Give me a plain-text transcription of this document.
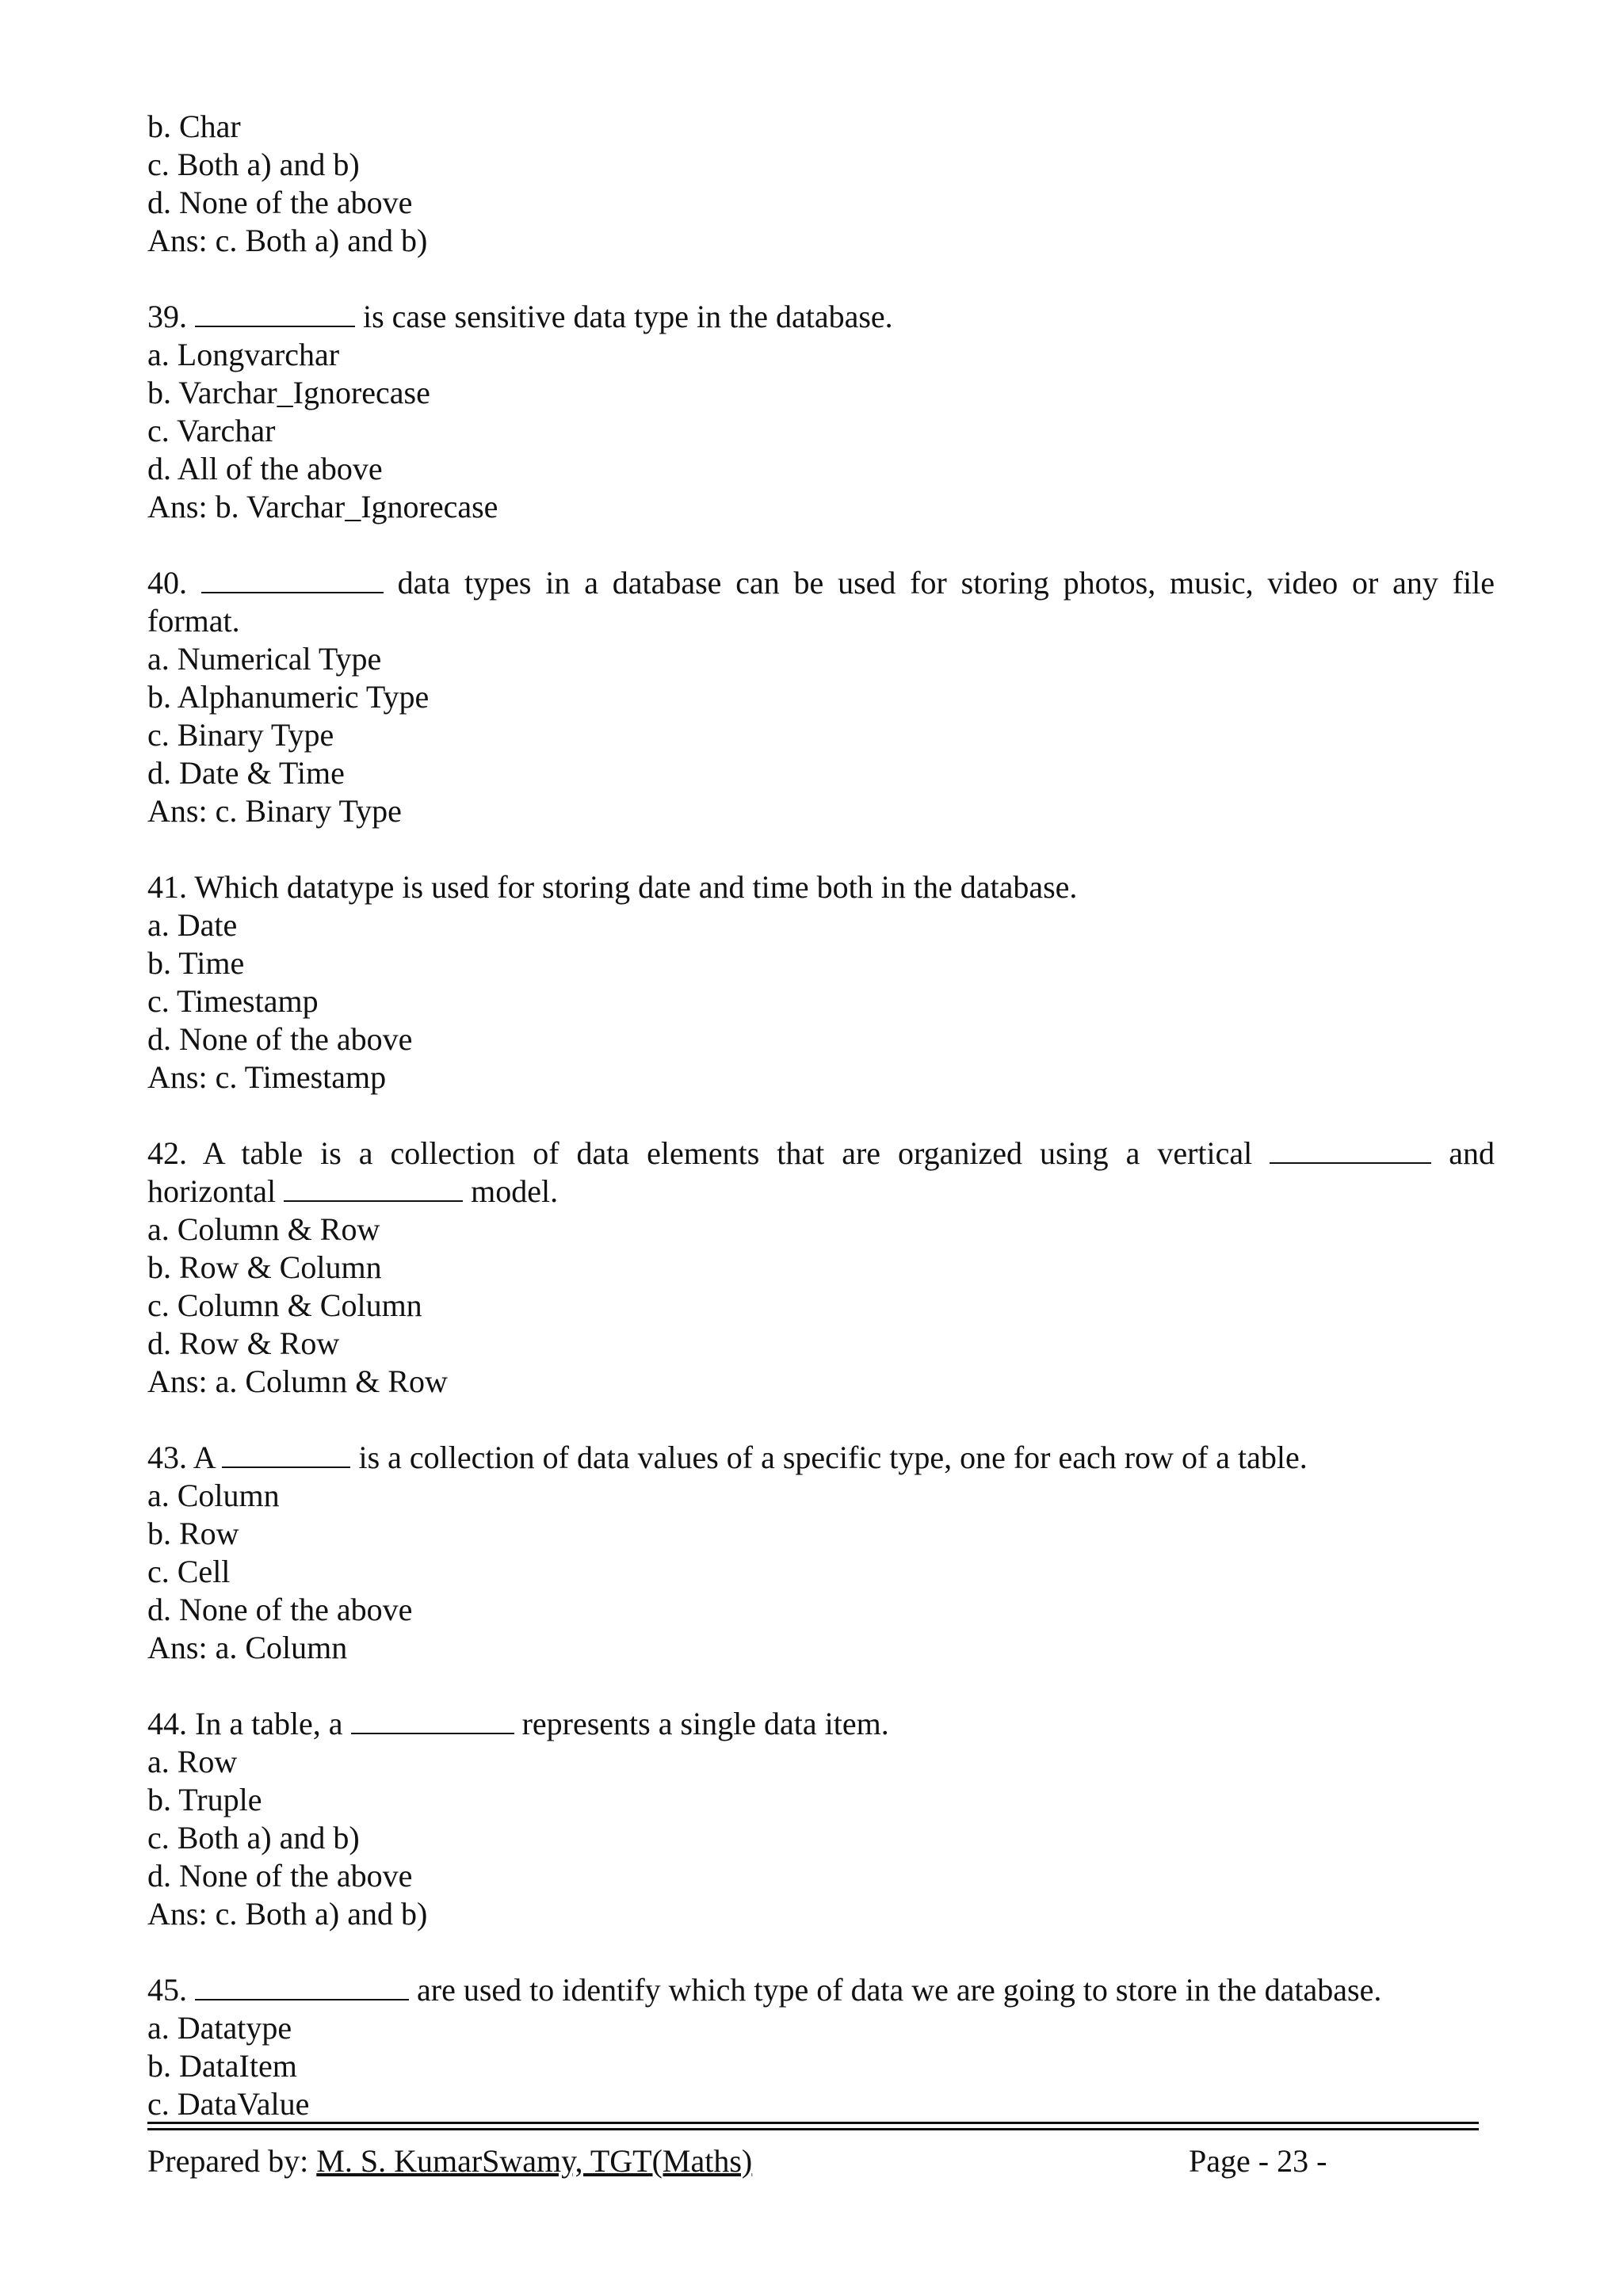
b. Char
c. Both a) and b)
d. None of the above
Ans: c. Both a) and b)
39.	is case sensitive data type in the database.
a. Longvarchar
b. Varchar_Ignorecase
c. Varchar
d. All of the above
Ans: b. Varchar_Ignorecase
40.	data types in a database can be used for storing photos, music, video or any file
format.
a. Numerical Type
b. Alphanumeric Type
c. Binary Type
d. Date & Time
Ans: c. Binary Type
41. Which datatype is used for storing date and time both in the database.
a. Date
b. Time
c. Timestamp
d. None of the above
Ans: c. Timestamp
42. A table is a collection of data elements that are organized using a vertical	and
horizontal	model.
a. Column & Row
b. Row & Column
c. Column & Column
d. Row & Row
Ans: a. Column & Row
43. A	is a collection of data values of a specific type, one for each row of a table.
a. Column
b. Row
c. Cell
d. None of the above
Ans: a. Column
44. In a table, a	represents a single data item.
a. Row
b. Truple
c. Both a) and b)
d. None of the above
Ans: c. Both a) and b)
45.	are used to identify which type of data we are going to store in the database.
a. Datatype
b. DataItem
c. DataValue
Prepared by: M. S. KumarSwamy, TGT(Maths)	Page - 23 -
